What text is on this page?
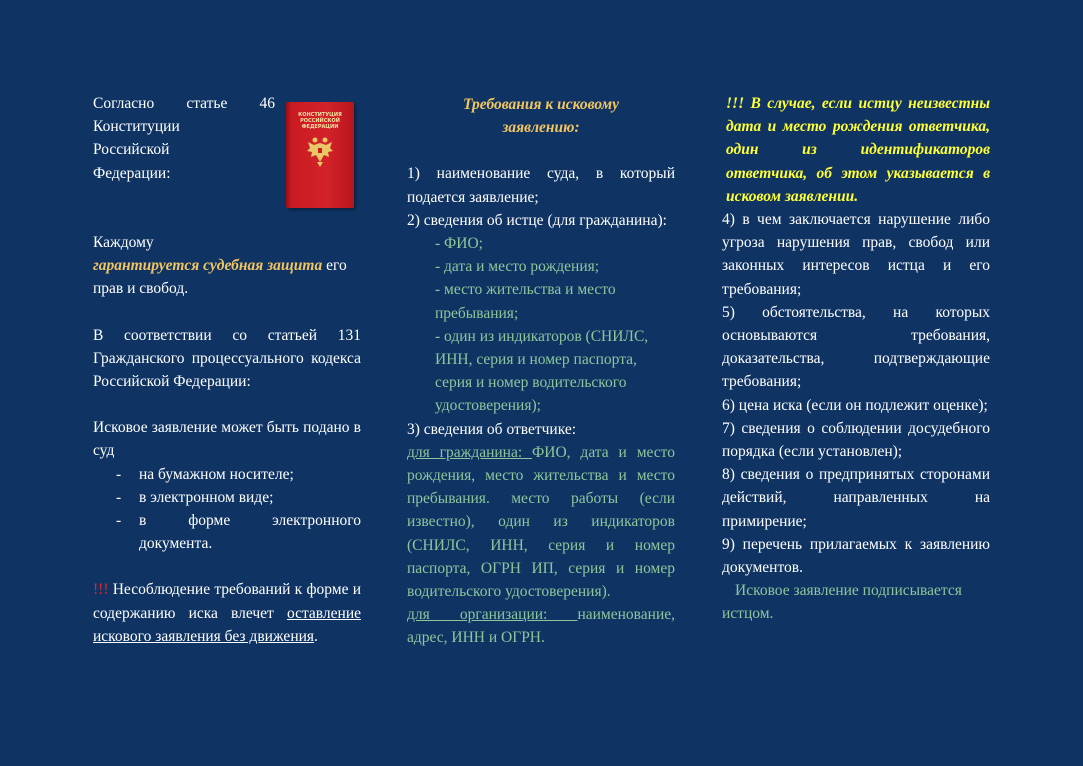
Согласно статье 46

Конституции

Российской

Федерации:

КОНСТИТУЦИЯ РОССИЙСКОЙ ФЕДЕРАЦИИ

Каждому

гарантируется судебная защита его прав и свобод.

В соответствии со статьей 131 Гражданского процессуального кодекса Российской Федерации:

Исковое заявление может быть подано в суд

- на бумажном носителе;
- в электронном виде;
- в форме электронного документа.

!!! Несоблюдение требований к форме и содержанию иска влечет оставление искового заявления без движения.

Требования к исковому заявлению:

1) наименование суда, в который подается заявление;

2) сведения об истце (для гражданина):

- ФИО;

- дата и место рождения;

- место жительства и место пребывания;

- один из индикаторов (СНИЛС, ИНН, серия и номер паспорта, серия и номер водительского удостоверения);

3) сведения об ответчике:

для гражданина: ФИО, дата и место рождения, место жительства и место пребывания. место работы (если известно), один из индикаторов (СНИЛС, ИНН, серия и номер паспорта, ОГРН ИП, серия и номер водительского удостоверения).

для организации: наименование, адрес, ИНН и ОГРН.

!!! В случае, если истцу неизвестны дата и место рождения ответчика, один из идентификаторов ответчика, об этом указывается в исковом заявлении.

4) в чем заключается нарушение либо угроза нарушения прав, свобод или законных интересов истца и его требования;

5) обстоятельства, на которых основываются требования, доказательства, подтверждающие требования;

6) цена иска (если он подлежит оценке);

7) сведения о соблюдении досудебного порядка (если установлен);

8) сведения о предпринятых сторонами действий, направленных на примирение;

9) перечень прилагаемых к заявлению документов.

Исковое заявление подписывается истцом.
